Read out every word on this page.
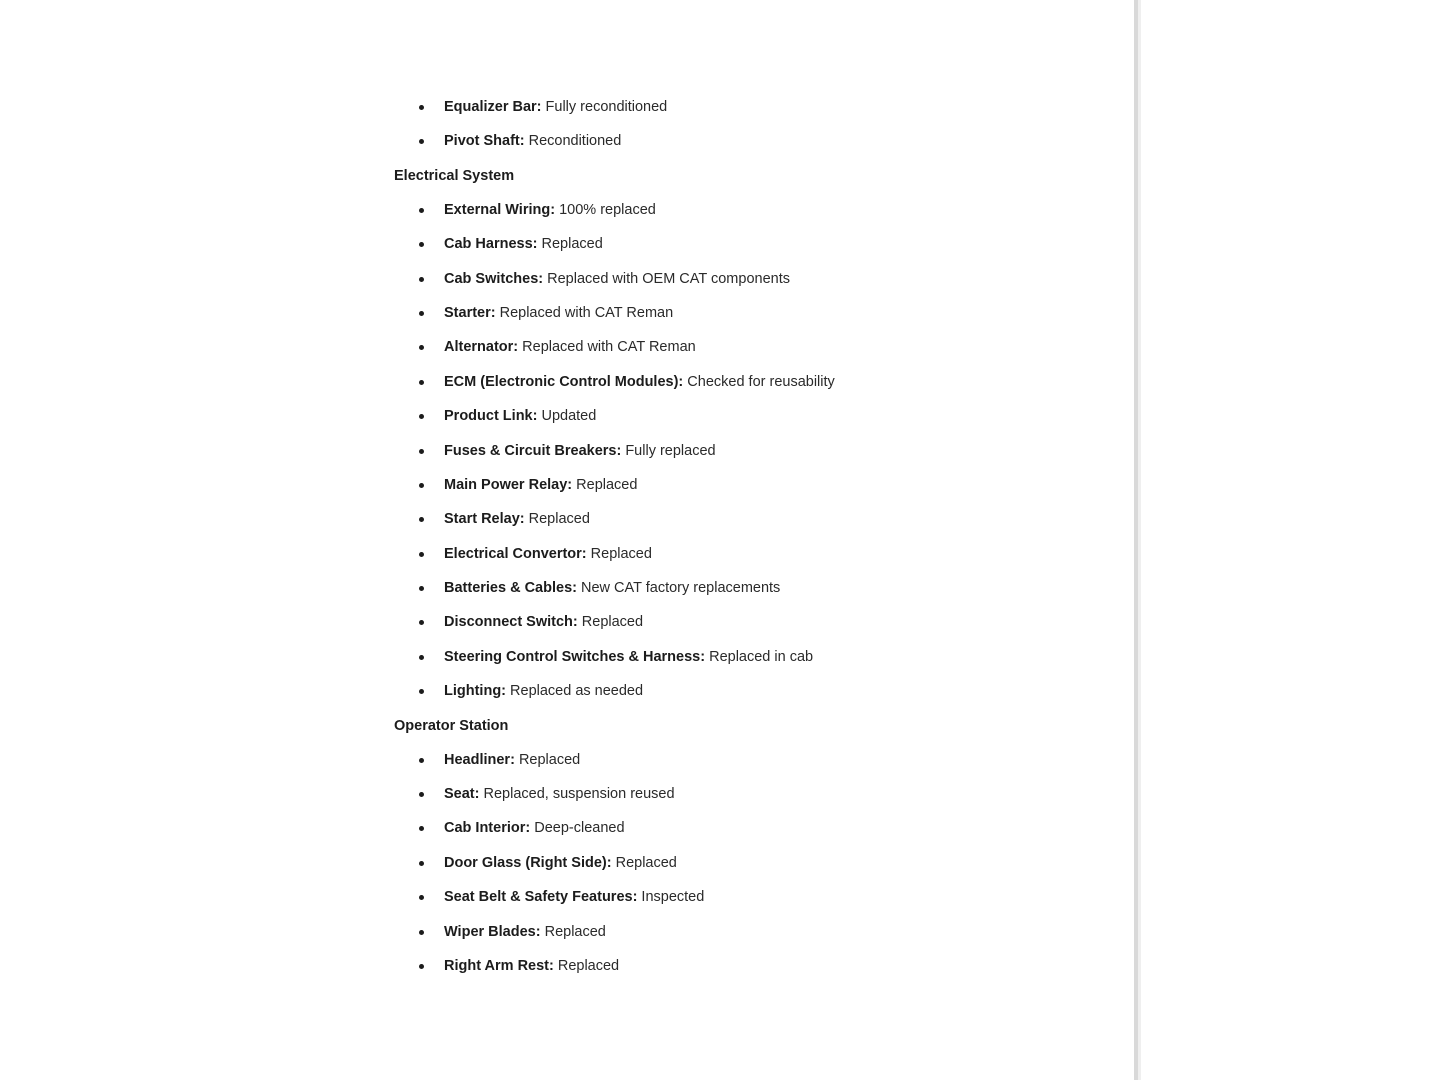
Equalizer Bar: Fully reconditioned
Pivot Shaft: Reconditioned
Electrical System
External Wiring: 100% replaced
Cab Harness: Replaced
Cab Switches: Replaced with OEM CAT components
Starter: Replaced with CAT Reman
Alternator: Replaced with CAT Reman
ECM (Electronic Control Modules): Checked for reusability
Product Link: Updated
Fuses & Circuit Breakers: Fully replaced
Main Power Relay: Replaced
Start Relay: Replaced
Electrical Convertor: Replaced
Batteries & Cables: New CAT factory replacements
Disconnect Switch: Replaced
Steering Control Switches & Harness: Replaced in cab
Lighting: Replaced as needed
Operator Station
Headliner: Replaced
Seat: Replaced, suspension reused
Cab Interior: Deep-cleaned
Door Glass (Right Side): Replaced
Seat Belt & Safety Features: Inspected
Wiper Blades: Replaced
Right Arm Rest: Replaced
